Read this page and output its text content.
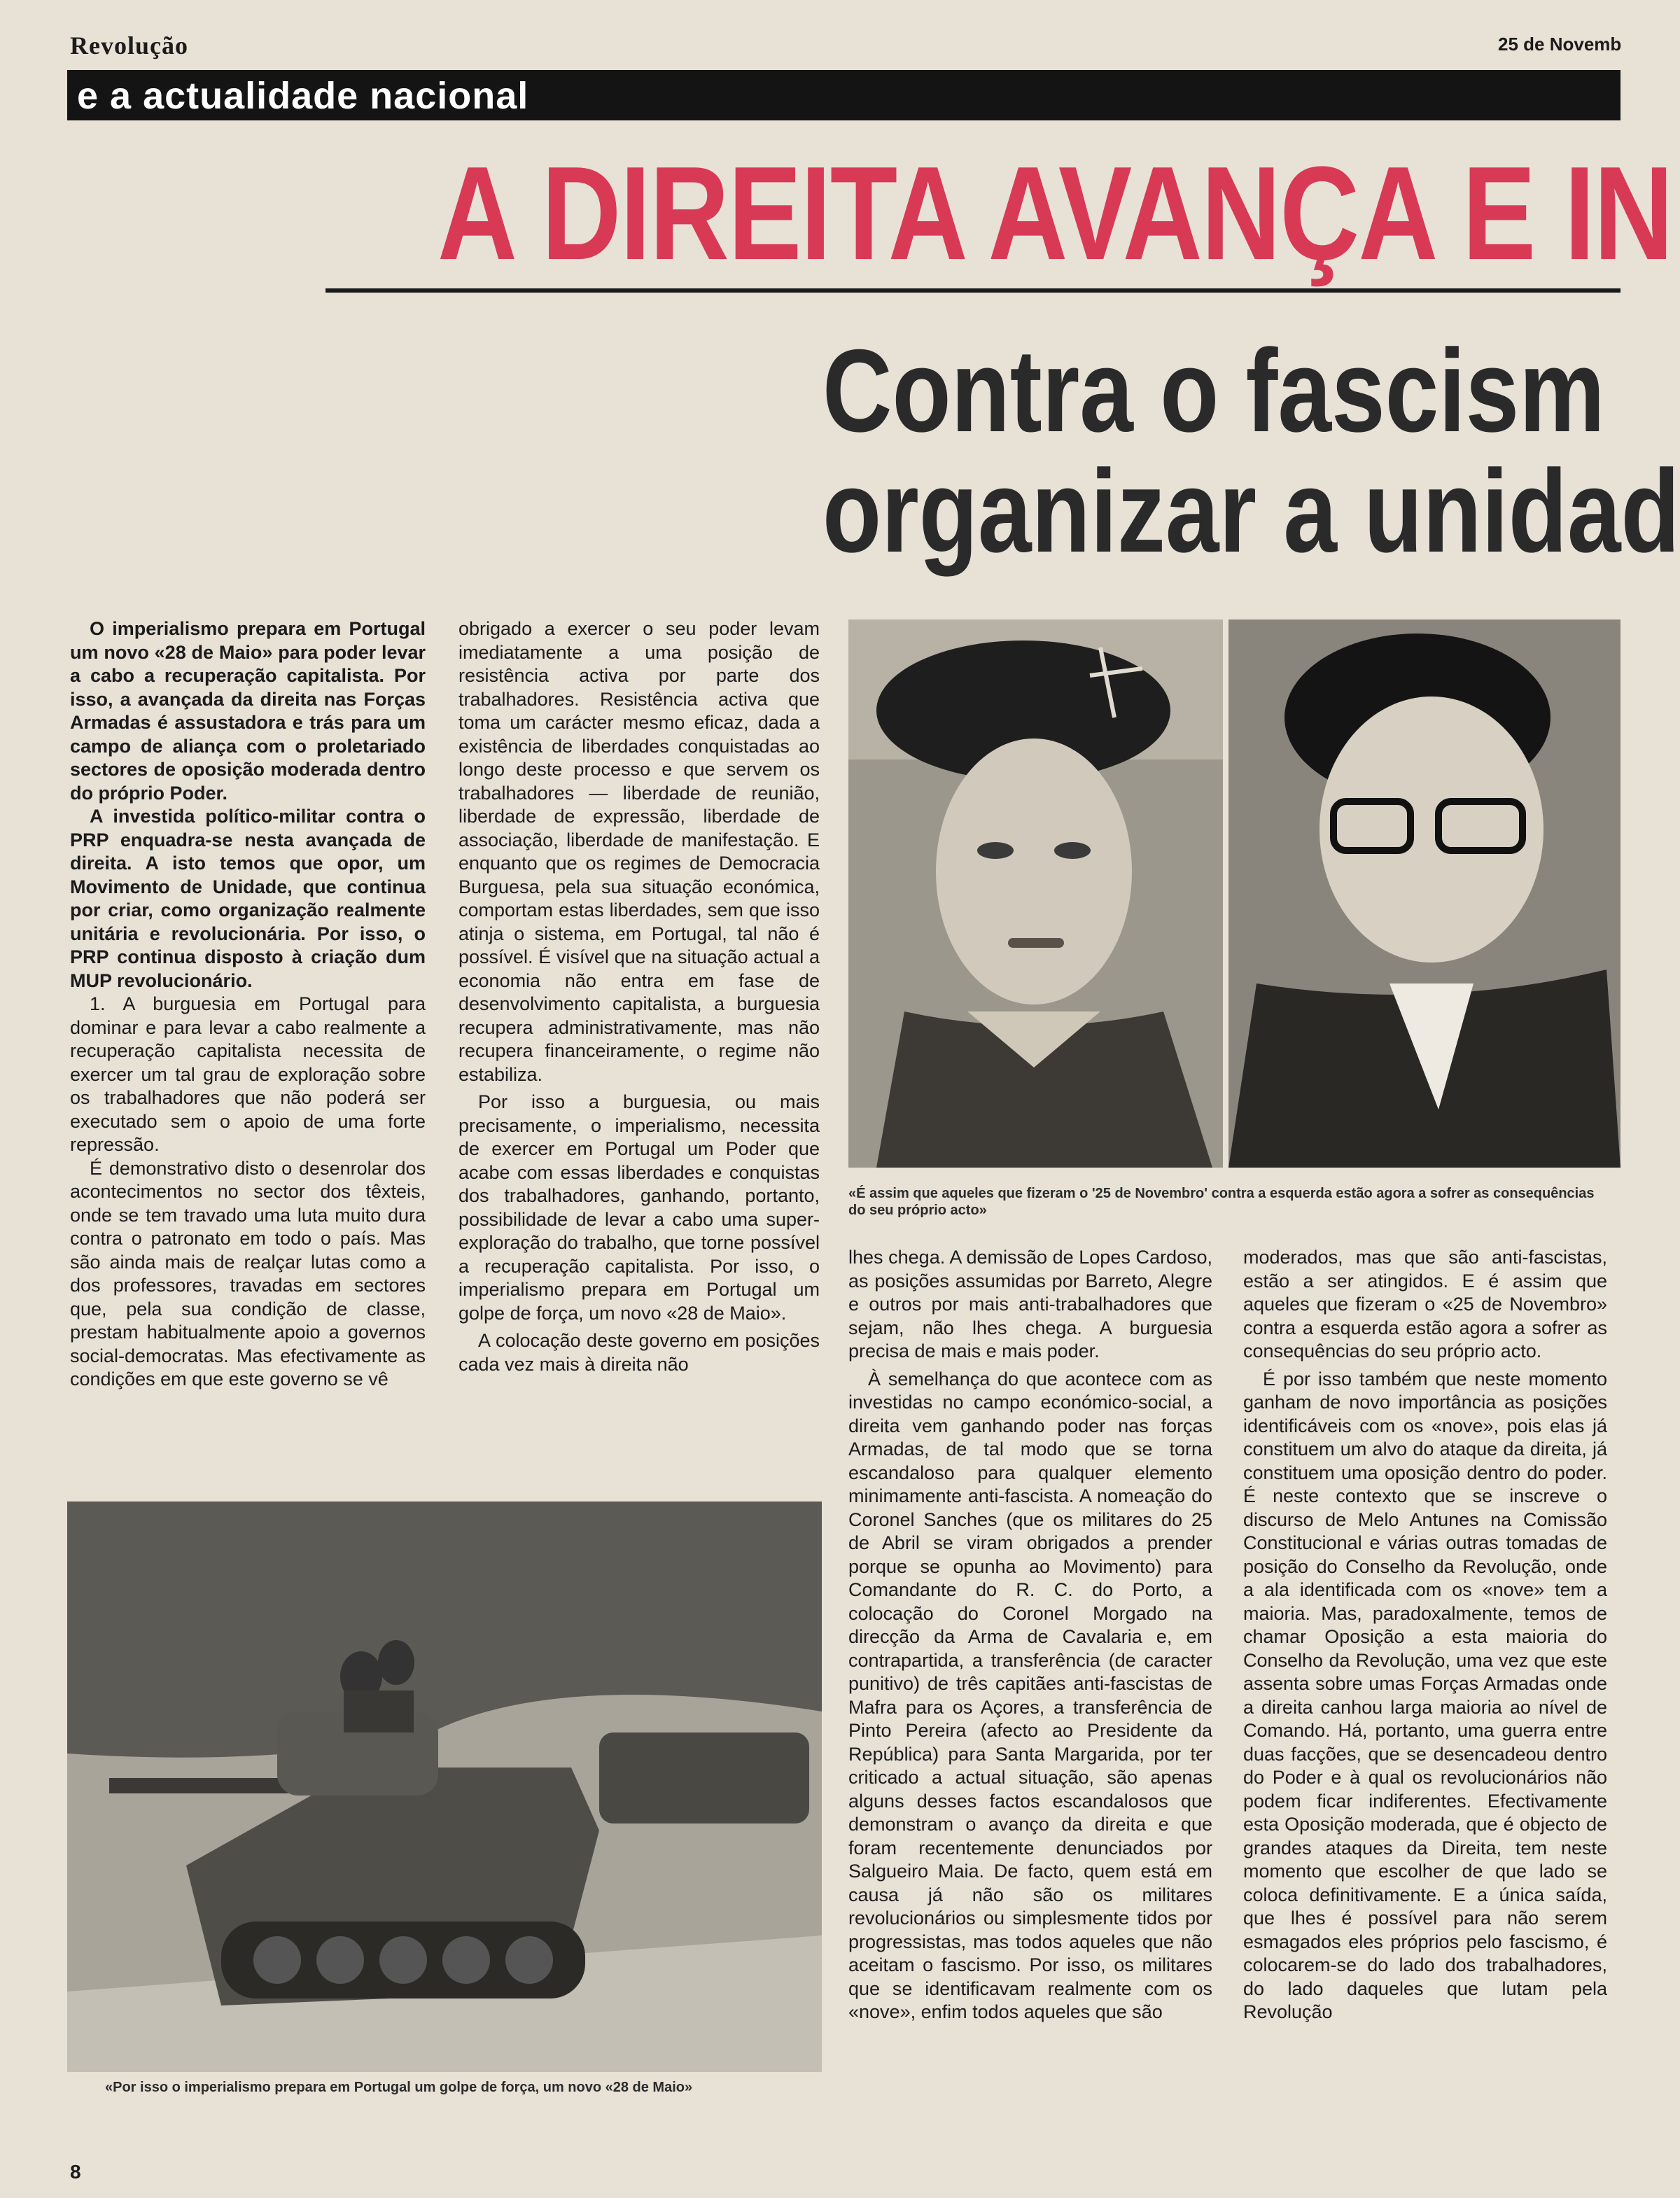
Revolução	25 de Novemb
e a actualidade nacional
A DIREITA AVANÇA E IN
Contra o fascism
organizar a unidad

O imperialismo prepara em Portugal um novo «28 de Maio» para poder levar a cabo a recuperação capitalista. Por isso, a avançada da direita nas Forças Armadas é assustadora e trás para um campo de aliança com o proletariado sectores de oposição moderada dentro do próprio Poder.

A investida político-militar contra o PRP enquadra-se nesta avançada de direita. A isto temos que opor, um Movimento de Unidade, que continua por criar, como organização realmente unitária e revolucionária. Por isso, o PRP continua disposto à criação dum MUP revolucionário.

1. A burguesia em Portugal para dominar e para levar a cabo realmente a recuperação capitalista necessita de exercer um tal grau de exploração sobre os trabalhadores que não poderá ser executado sem o apoio de uma forte repressão.

É demonstrativo disto o desenrolar dos acontecimentos no sector dos têxteis, onde se tem travado uma luta muito dura contra o patronato em todo o país. Mas são ainda mais de realçar lutas como a dos professores, travadas em sectores que, pela sua condição de classe, prestam habitualmente apoio a governos social-democratas. Mas efectivamente as condições em que este governo se vê

obrigado a exercer o seu poder levam imediatamente a uma posição de resistência activa por parte dos trabalhadores. Resistência activa que toma um carácter mesmo eficaz, dada a existência de liberdades conquistadas ao longo deste processo e que servem os trabalhadores — liberdade de reunião, liberdade de expressão, liberdade de associação, liberdade de manifestação. E enquanto que os regimes de Democracia Burguesa, pela sua situação económica, comportam estas liberdades, sem que isso atinja o sistema, em Portugal, tal não é possível. É visível que na situação actual a economia não entra em fase de desenvolvimento capitalista, a burguesia recupera administrativamente, mas não recupera financeiramente, o regime não estabiliza.

Por isso a burguesia, ou mais precisamente, o imperialismo, necessita de exercer em Portugal um Poder que acabe com essas liberdades e conquistas dos trabalhadores, ganhando, portanto, possibilidade de levar a cabo uma super-exploração do trabalho, que torne possível a recuperação capitalista. Por isso, o imperialismo prepara em Portugal um golpe de força, um novo «28 de Maio».

A colocação deste governo em posições cada vez mais à direita não

«É assim que aqueles que fizeram o '25 de Novembro' contra a esquerda estão agora a sofrer as consequências do seu próprio acto»

lhes chega. A demissão de Lopes Cardoso, as posições assumidas por Barreto, Alegre e outros por mais anti-trabalhadores que sejam, não lhes chega. A burguesia precisa de mais e mais poder.

À semelhança do que acontece com as investidas no campo económico-social, a direita vem ganhando poder nas forças Armadas, de tal modo que se torna escandaloso para qualquer elemento minimamente anti-fascista. A nomeação do Coronel Sanches (que os militares do 25 de Abril se viram obrigados a prender porque se opunha ao Movimento) para Comandante do R. C. do Porto, a colocação do Coronel Morgado na direcção da Arma de Cavalaria e, em contrapartida, a transferência (de caracter punitivo) de três capitães anti-fascistas de Mafra para os Açores, a transferência de Pinto Pereira (afecto ao Presidente da República) para Santa Margarida, por ter criticado a actual situação, são apenas alguns desses factos escandalosos que demonstram o avanço da direita e que foram recentemente denunciados por Salgueiro Maia. De facto, quem está em causa já não são os militares revolucionários ou simplesmente tidos por progressistas, mas todos aqueles que não aceitam o fascismo. Por isso, os militares que se identificavam realmente com os «nove», enfim todos aqueles que são

moderados, mas que são anti-fascistas, estão a ser atingidos. E é assim que aqueles que fizeram o «25 de Novembro» contra a esquerda estão agora a sofrer as consequências do seu próprio acto.

É por isso também que neste momento ganham de novo importância as posições identificáveis com os «nove», pois elas já constituem um alvo do ataque da direita, já constituem uma oposição dentro do poder. É neste contexto que se inscreve o discurso de Melo Antunes na Comissão Constitucional e várias outras tomadas de posição do Conselho da Revolução, onde a ala identificada com os «nove» tem a maioria. Mas, paradoxalmente, temos de chamar Oposição a esta maioria do Conselho da Revolução, uma vez que este assenta sobre umas Forças Armadas onde a direita canhou larga maioria ao nível de Comando. Há, portanto, uma guerra entre duas facções, que se desencadeou dentro do Poder e à qual os revolucionários não podem ficar indiferentes. Efectivamente esta Oposição moderada, que é objecto de grandes ataques da Direita, tem neste momento que escolher de que lado se coloca definitivamente. E a única saída, que lhes é possível para não serem esmagados eles próprios pelo fascismo, é colocarem-se do lado dos trabalhadores, do lado daqueles que lutam pela Revolução

«Por isso o imperialismo prepara em Portugal um golpe de força, um novo «28 de Maio»
8
